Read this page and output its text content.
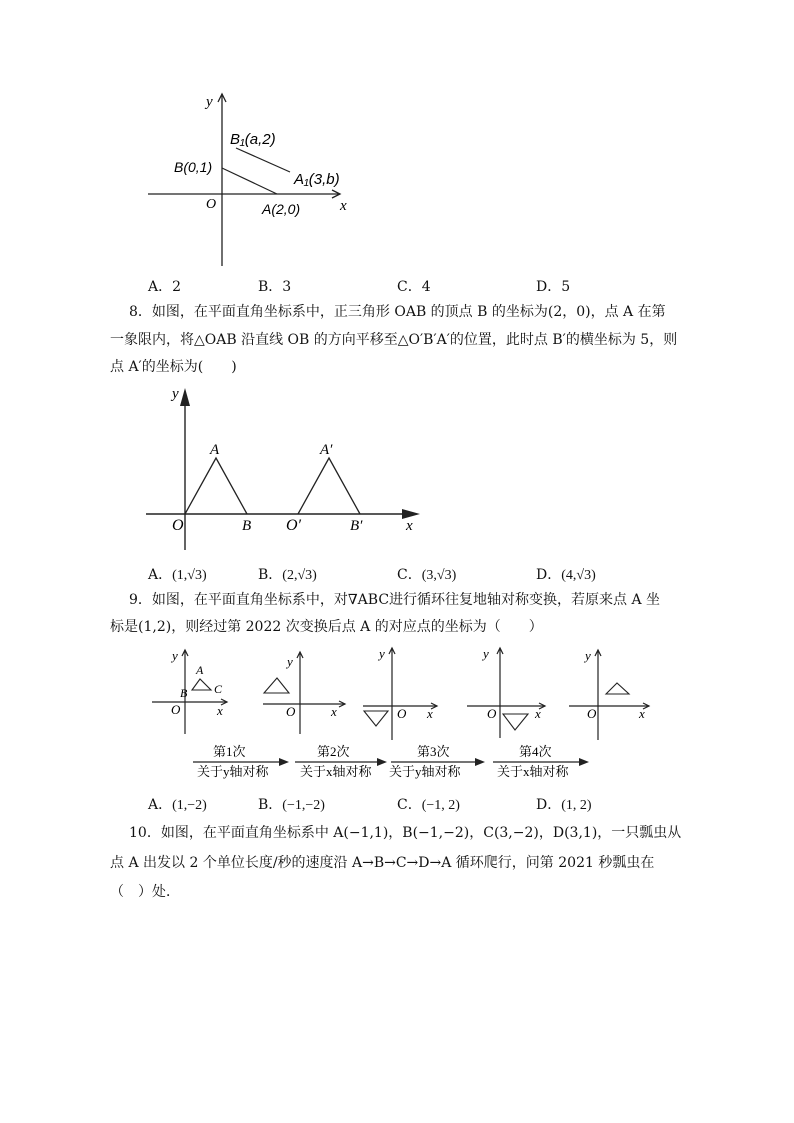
y
x
O
B(0,1)
A(2,0)
B₁(a,2)
A₁(3,b)
A．2	B．3	C．4	D．5
8．如图，在平面直角坐标系中，正三角形 OAB 的顶点 B 的坐标为(2，0)，点 A 在第
一象限内，将△OAB 沿直线 OB 的方向平移至△O′B′A′的位置，此时点 B′的横坐标为 5，则
点 A′的坐标为(　　)
y
x
O
A
B O′
A′
B′
A．(1,√3)	B．(2,√3)	C．(3,√3)	D．(4,√3)
9．如图，在平面直角坐标系中，对∇ABC进行循环往复地轴对称变换，若原来点 A 坐
标是(1,2)，则经过第 2022 次变换后点 A 的对应点的坐标为（　　）
y
x
O
A
B C
y
x
O
y
x
O
y
x
O
y
x
O
第1次
关于y轴对称
第2次
关于x轴对称
第3次
关于y轴对称
第4次
关于x轴对称
A．(1,−2)	B．(−1,−2)	C．(−1, 2)	D．(1, 2)
10．如图，在平面直角坐标系中 A(−1,1)，B(−1,−2)，C(3,−2)，D(3,1)，一只瓢虫从
点 A 出发以 2 个单位长度/秒的速度沿 A→B→C→D→A 循环爬行，问第 2021 秒瓢虫在
（　）处．
